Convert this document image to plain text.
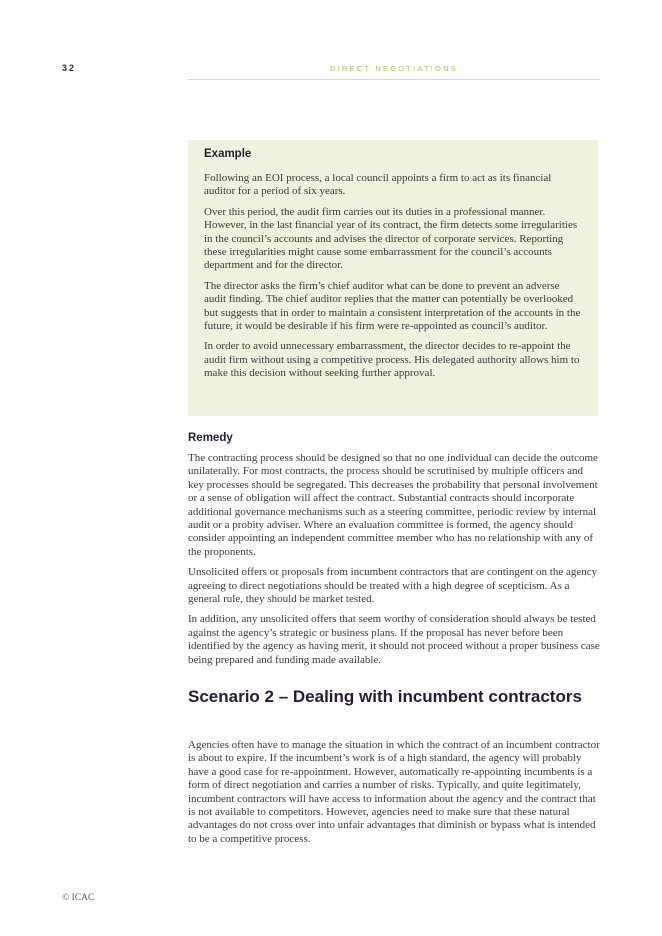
32	DIRECT NEGOTIATIONS
Example

Following an EOI process, a local council appoints a firm to act as its financial auditor for a period of six years.

Over this period, the audit firm carries out its duties in a professional manner. However, in the last financial year of its contract, the firm detects some irregularities in the council’s accounts and advises the director of corporate services. Reporting these irregularities might cause some embarrassment for the council’s accounts department and for the director.

The director asks the firm’s chief auditor what can be done to prevent an adverse audit finding. The chief auditor replies that the matter can potentially be overlooked but suggests that in order to maintain a consistent interpretation of the accounts in the future, it would be desirable if his firm were re-appointed as council’s auditor.

In order to avoid unnecessary embarrassment, the director decides to re-appoint the audit firm without using a competitive process. His delegated authority allows him to make this decision without seeking further approval.

Remedy

The contracting process should be designed so that no one individual can decide the outcome unilaterally. For most contracts, the process should be scrutinised by multiple officers and key processes should be segregated. This decreases the probability that personal involvement or a sense of obligation will affect the contract. Substantial contracts should incorporate additional governance mechanisms such as a steering committee, periodic review by internal audit or a probity adviser. Where an evaluation committee is formed, the agency should consider appointing an independent committee member who has no relationship with any of the proponents.

Unsolicited offers or proposals from incumbent contractors that are contingent on the agency agreeing to direct negotiations should be treated with a high degree of scepticism. As a general rule, they should be market tested.

In addition, any unsolicited offers that seem worthy of consideration should always be tested against the agency’s strategic or business plans. If the proposal has never before been identified by the agency as having merit, it should not proceed without a proper business case being prepared and funding made available.

Scenario 2 – Dealing with incumbent contractors

Agencies often have to manage the situation in which the contract of an incumbent contractor is about to expire. If the incumbent’s work is of a high standard, the agency will probably have a good case for re-appointment. However, automatically re-appointing incumbents is a form of direct negotiation and carries a number of risks. Typically, and quite legitimately, incumbent contractors will have access to information about the agency and the contract that is not available to competitors. However, agencies need to make sure that these natural advantages do not cross over into unfair advantages that diminish or bypass what is intended to be a competitive process.

© ICAC
